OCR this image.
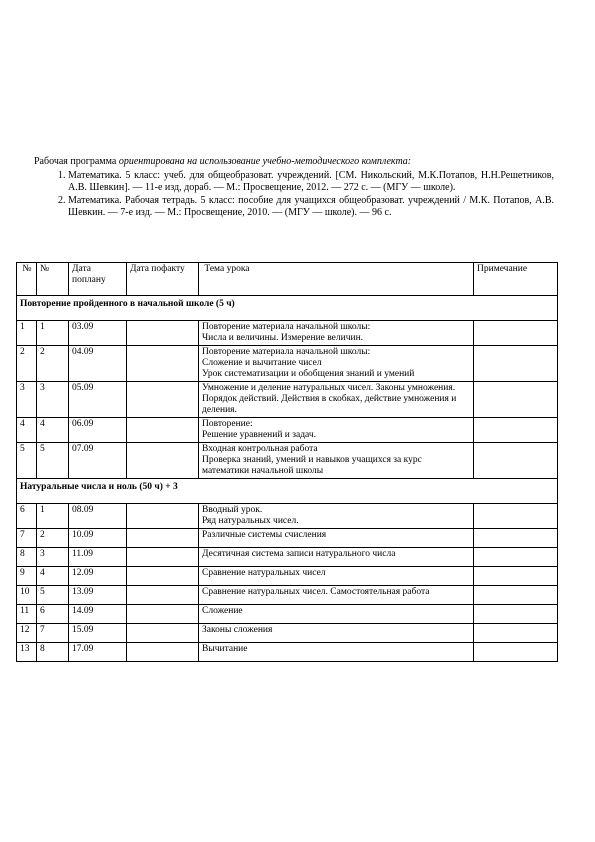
Рабочая программа ориентирована на использование учебно-методического комплекта:

1. Математика. 5 класс: учеб. для общеобразоват. учреждений. [СМ. Никольский, М.К.Потапов, Н.Н.Решетников, А.В. Шевкин]. — 11-е изд, дораб. — М.: Просвещение, 2012. — 272 с. — (МГУ — школе).
2. Математика. Рабочая тетрадь. 5 класс: пособие для учащихся общеобразоват. учреждений / М.К. Потапов, А.В. Шевкин. — 7-е изд. — М.: Просвещение, 2010. — (МГУ — школе). — 96 с.
№	№	Дата поплану	Дата пофакту	Тема урока	Примечание
Повторение пройденного в начальной школе (5 ч)					
1	1	03.09		Повторение материала начальной школы:
Числа и величины. Измерение величин.	

2	2	04.09		Повторение материала начальной школы:
Сложение и вычитание чисел
Урок систематизации и обобщения знаний и умений	

3	3	05.09		Умножение и деление натуральных чисел. Законы умножения. Порядок действий. Действия в скобках, действие умножения и деления.	

4	4	06.09		Повторение:
Решение уравнений и задач.	

5	5	07.09		Входная контрольная работа
Проверка знаний, умений и навыков учащихся за курс математики начальной школы	

Натуральные числа и ноль (50 ч) + 3					
6	1	08.09		Вводный урок.
Ряд натуральных чисел.	

7	2	10.09		Различные системы счисления	

8	3	11.09		Десятичная система записи натурального числа	

9	4	12.09		Сравнение натуральных чисел	

10	5	13.09		Сравнение натуральных чисел. Самостоятельная работа	

11	6	14.09		Сложение	

12	7	15.09		Законы сложения	

13	8	17.09		Вычитание	
